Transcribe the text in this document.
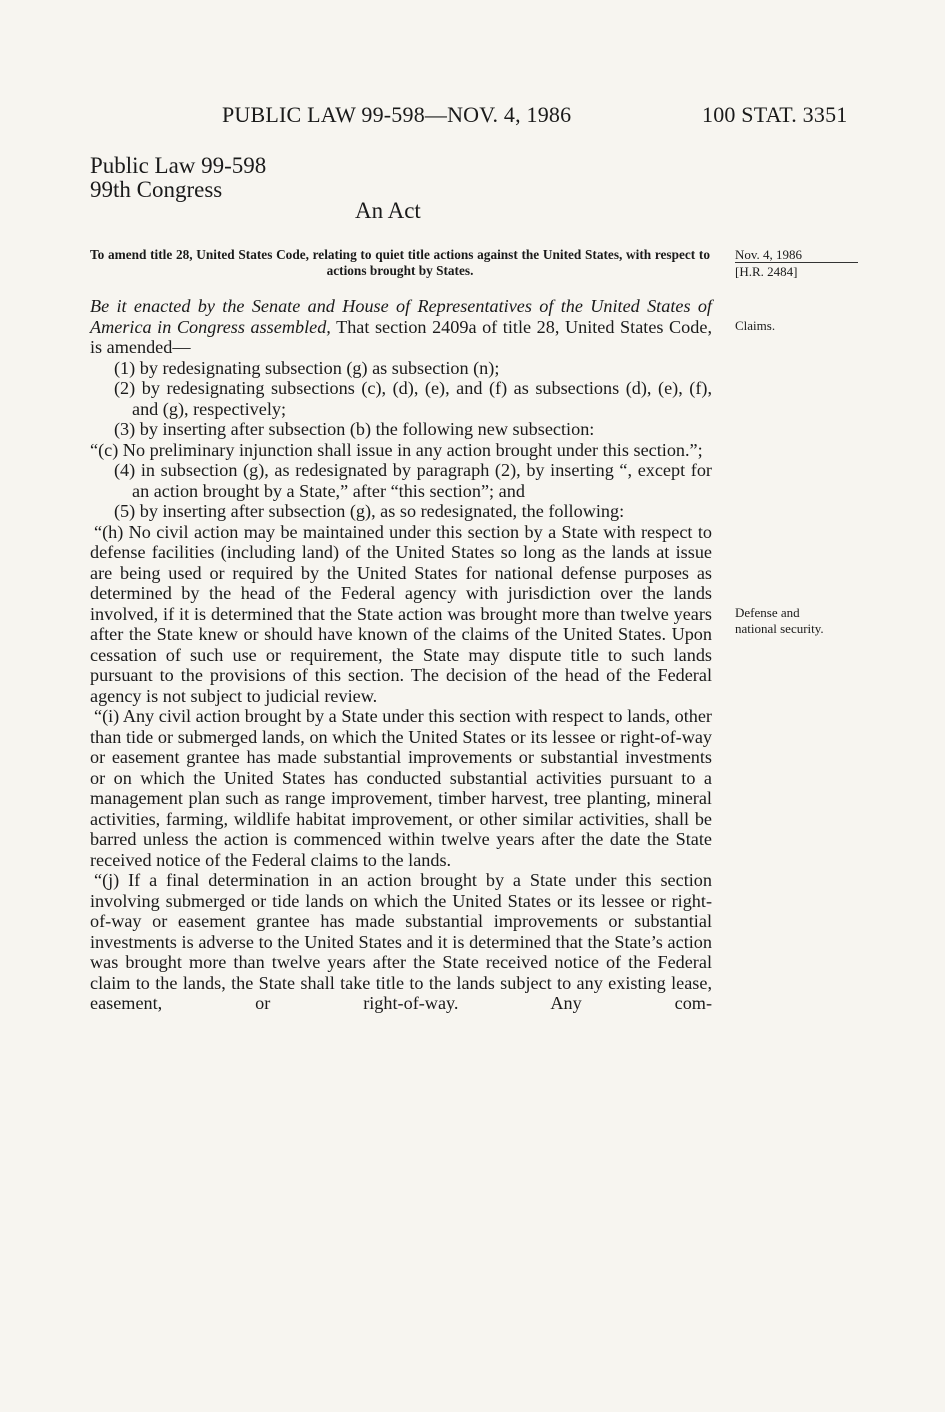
PUBLIC LAW 99-598—NOV. 4, 1986	100 STAT. 3351
Public Law 99-598
99th Congress
An Act
To amend title 28, United States Code, relating to quiet title actions against the United States, with respect to actions brought by States.
Nov. 4, 1986
[H.R. 2484]
Claims.
Defense and national security.

Be it enacted by the Senate and House of Representatives of the United States of America in Congress assembled, That section 2409a of title 28, United States Code, is amended—

(1) by redesignating subsection (g) as subsection (n);

(2) by redesignating subsections (c), (d), (e), and (f) as subsections (d), (e), (f), and (g), respectively;

(3) by inserting after subsection (b) the following new subsection:

“(c) No preliminary injunction shall issue in any action brought under this section.”;

(4) in subsection (g), as redesignated by paragraph (2), by inserting “, except for an action brought by a State,” after “this section”; and

(5) by inserting after subsection (g), as so redesignated, the following:

“(h) No civil action may be maintained under this section by a State with respect to defense facilities (including land) of the United States so long as the lands at issue are being used or required by the United States for national defense purposes as determined by the head of the Federal agency with jurisdiction over the lands involved, if it is determined that the State action was brought more than twelve years after the State knew or should have known of the claims of the United States. Upon cessation of such use or requirement, the State may dispute title to such lands pursuant to the provisions of this section. The decision of the head of the Federal agency is not subject to judicial review.

“(i) Any civil action brought by a State under this section with respect to lands, other than tide or submerged lands, on which the United States or its lessee or right-of-way or easement grantee has made substantial improvements or substantial investments or on which the United States has conducted substantial activities pursuant to a management plan such as range improvement, timber harvest, tree planting, mineral activities, farming, wildlife habitat improvement, or other similar activities, shall be barred unless the action is commenced within twelve years after the date the State received notice of the Federal claims to the lands.

“(j) If a final determination in an action brought by a State under this section involving submerged or tide lands on which the United States or its lessee or right-of-way or easement grantee has made substantial improvements or substantial investments is adverse to the United States and it is determined that the State’s action was brought more than twelve years after the State received notice of the Federal claim to the lands, the State shall take title to the lands subject to any existing lease, easement, or right-of-way. Any com-
